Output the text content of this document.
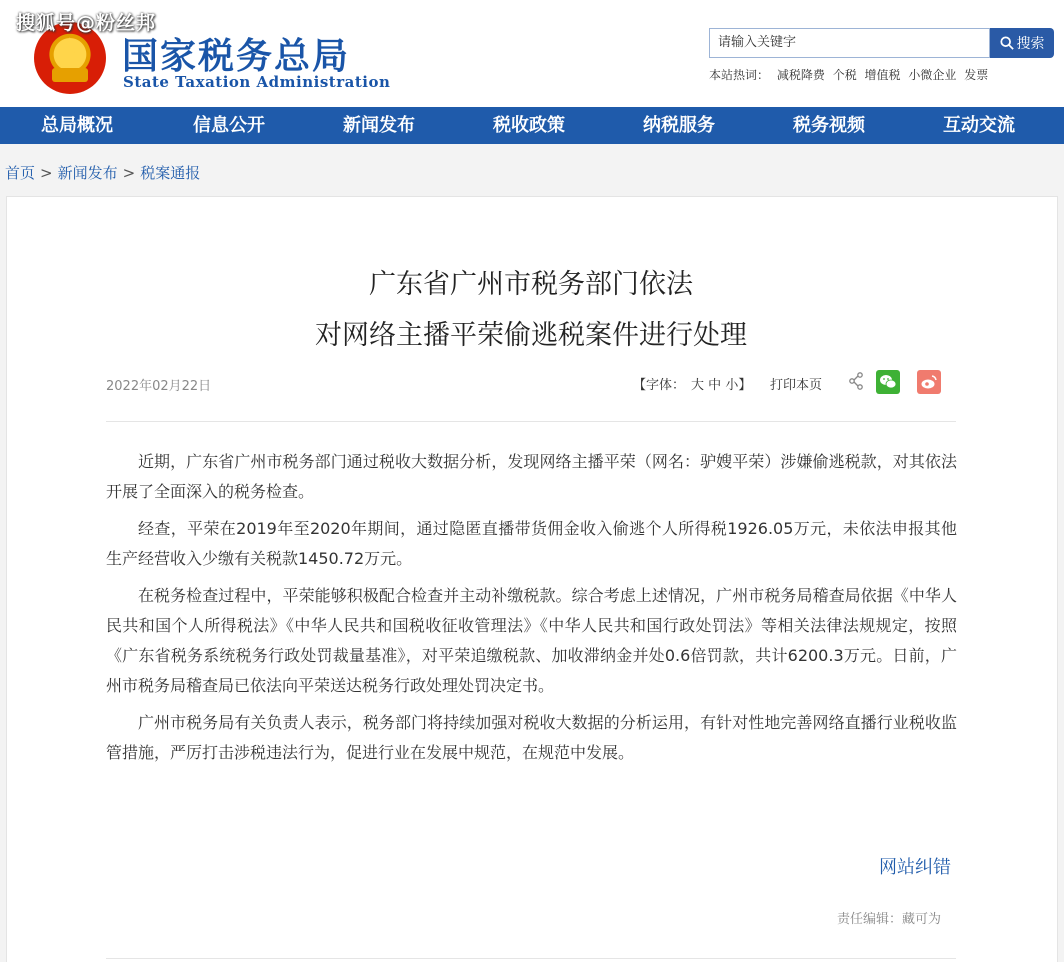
★ 国家税务总局
State Taxation Administration
搜狐号@粉丝邦
请输入关键字	搜索
本站热词： 减税降费 个税 增值税 小微企业 发票
总局概况	信息公开	新闻发布	税收政策	纳税服务	税务视频	互动交流
首页 > 新闻发布 > 税案通报
广东省广州市税务部门依法
对网络主播平荣偷逃税案件进行处理
2022年02月22日	【字体： 大 中 小】 打印本页

近期，广东省广州市税务部门通过税收大数据分析，发现网络主播平荣（网名：驴嫂平荣）涉嫌偷逃税款，对其依法开展了全面深入的税务检查。

经查，平荣在2019年至2020年期间，通过隐匿直播带货佣金收入偷逃个人所得税1926.05万元，未依法申报其他生产经营收入少缴有关税款1450.72万元。

在税务检查过程中，平荣能够积极配合检查并主动补缴税款。综合考虑上述情况，广州市税务局稽查局依据《中华人民共和国个人所得税法》《中华人民共和国税收征收管理法》《中华人民共和国行政处罚法》等相关法律法规规定，按照《广东省税务系统税务行政处罚裁量基准》，对平荣追缴税款、加收滞纳金并处0.6倍罚款，共计6200.3万元。日前，广州市税务局稽查局已依法向平荣送达税务行政处理处罚决定书。

广州市税务局有关负责人表示，税务部门将持续加强对税收大数据的分析运用，有针对性地完善网络直播行业税收监管措施，严厉打击涉税违法行为，促进行业在发展中规范，在规范中发展。

网站纠错
责任编辑：藏可为
